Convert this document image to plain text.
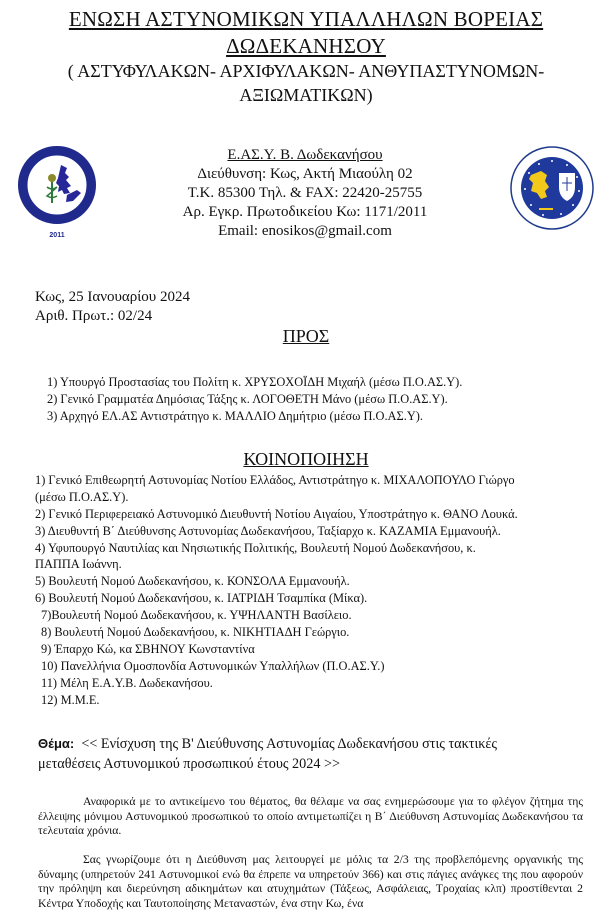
ΕΝΩΣΗ ΑΣΤΥΝΟΜΙΚΩΝ ΥΠΑΛΛΗΛΩΝ ΒΟΡΕΙΑΣ
ΔΩΔΕΚΑΝΗΣΟΥ
( ΑΣΤΥΦΥΛΑΚΩΝ- ΑΡΧΙΦΥΛΑΚΩΝ- ΑΝΘΥΠΑΣΤΥΝΟΜΩΝ-
ΑΞΙΩΜΑΤΙΚΩΝ)
2011
Ε.ΑΣ.Υ. Β. Δωδεκανήσου
Διεύθυνση: Κως, Ακτή Μιαούλη 02
Τ.Κ. 85300 Τηλ. & FAX: 22420-25755
Αρ. Εγκρ. Πρωτοδικείου Κω: 1171/2011
Email: enosikos@gmail.com
Κως, 25 Ιανουαρίου 2024
Αριθ. Πρωτ.: 02/24
ΠΡΟΣ
1) Υπουργό Προστασίας του Πολίτη κ. ΧΡΥΣΟΧΟΪΔΗ Μιχαήλ (μέσω Π.Ο.ΑΣ.Υ).
2) Γενικό Γραμματέα Δημόσιας Τάξης κ. ΛΟΓΟΘΕΤΗ Μάνο (μέσω Π.Ο.ΑΣ.Υ).
3) Αρχηγό ΕΛ.ΑΣ Αντιστράτηγο κ. ΜΑΛΛΙΟ Δημήτριο (μέσω Π.Ο.ΑΣ.Υ).
ΚΟΙΝΟΠΟΙΗΣΗ
1) Γενικό Επιθεωρητή Αστυνομίας Νοτίου Ελλάδος, Αντιστράτηγο κ. ΜΙΧΑΛΟΠΟΥΛΟ Γιώργο
(μέσω Π.Ο.ΑΣ.Υ).
2) Γενικό Περιφερειακό Αστυνομικό Διευθυντή Νοτίου Αιγαίου, Υποστράτηγο κ. ΘΑΝΟ Λουκά.
3) Διευθυντή Β΄ Διεύθυνσης Αστυνομίας Δωδεκανήσου, Ταξίαρχο κ. ΚΑΖΑΜΙΑ Εμμανουήλ.
4) Υφυπουργό Ναυτιλίας και Νησιωτικής Πολιτικής, Βουλευτή Νομού Δωδεκανήσου, κ.
ΠΑΠΠΑ Ιωάννη.
5) Βουλευτή Νομού Δωδεκανήσου, κ. ΚΟΝΣΟΛΑ Εμμανουήλ.
6) Βουλευτή Νομού Δωδεκανήσου, κ. ΙΑΤΡΙΔΗ Τσαμπίκα (Μίκα).
7)Βουλευτή Νομού Δωδεκανήσου, κ. ΥΨΗΛΑΝΤΗ Βασίλειο.
8) Βουλευτή Νομού Δωδεκανήσου, κ. ΝΙΚΗΤΙΑΔΗ Γεώργιο.
9) Έπαρχο Κώ, κα ΣΒΗΝΟΥ Κωνσταντίνα
10) Πανελλήνια Ομοσπονδία Αστυνομικών Υπαλλήλων (Π.Ο.ΑΣ.Υ.)
11) Μέλη Ε.Α.Υ.Β. Δωδεκανήσου.
12) Μ.Μ.Ε.
Θέμα: << Ενίσχυση της Β' Διεύθυνσης Αστυνομίας Δωδεκανήσου στις τακτικές
μεταθέσεις Αστυνομικού προσωπικού έτους 2024 >>
Αναφορικά με το αντικείμενο του θέματος, θα θέλαμε να σας ενημερώσουμε για το φλέγον ζήτημα της έλλειψης μόνιμου Αστυνομικού προσωπικού το οποίο αντιμετωπίζει η Β΄ Διεύθυνση Αστυνομίας Δωδεκανήσου τα τελευταία χρόνια.
Σας γνωρίζουμε ότι η Διεύθυνση μας λειτουργεί με μόλις τα 2/3 της προβλεπόμενης οργανικής της δύναμης (υπηρετούν 241 Αστυνομικοί ενώ θα έπρεπε να υπηρετούν 366) και στις πάγιες ανάγκες της που αφορούν την πρόληψη και διερεύνηση αδικημάτων και ατυχημάτων (Τάξεως, Ασφάλειας, Τροχαίας κλπ) προστίθενται 2 Κέντρα Υποδοχής και Ταυτοποίησης Μεταναστών, ένα στην Κω, ένα
